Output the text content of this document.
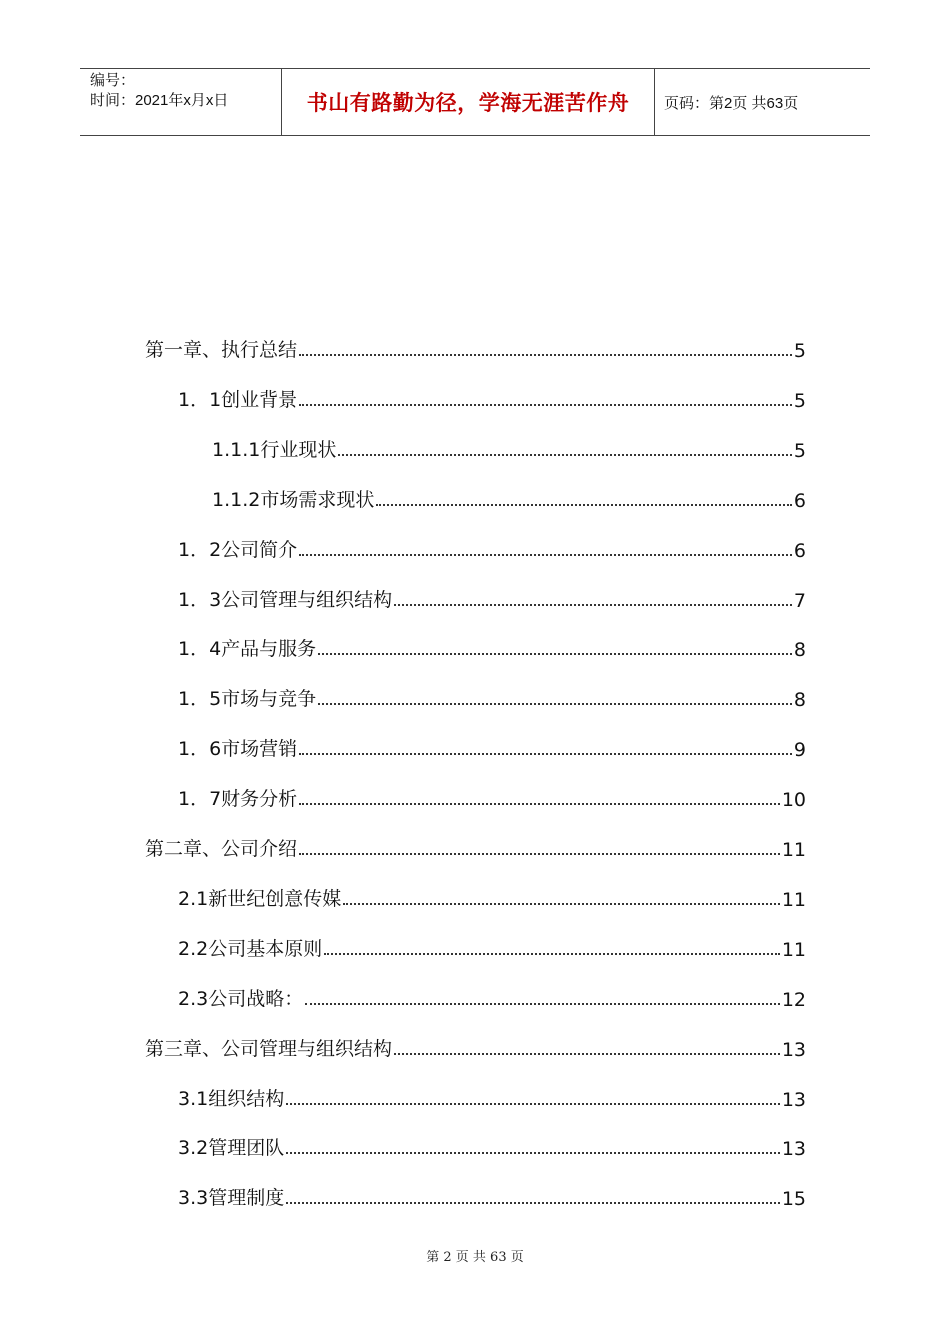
编号：
时间：2021年x月x日	书山有路勤为径，学海无涯苦作舟 页码：第2页 共63页
第一章、执行总结	5
1．1创业背景	5
1.1.1行业现状	5
1.1.2市场需求现状	6
1．2公司简介	6
1．3公司管理与组织结构	7
1．4产品与服务	8
1．5市场与竞争	8
1．6市场营销	9
1．7财务分析	10
第二章、公司介绍	11
2.1新世纪创意传媒	11
2.2公司基本原则	11
2.3公司战略：	12
第三章、公司管理与组织结构	13
3.1组织结构	13
3.2管理团队	13
3.3管理制度	15
第 2 页 共 63 页
